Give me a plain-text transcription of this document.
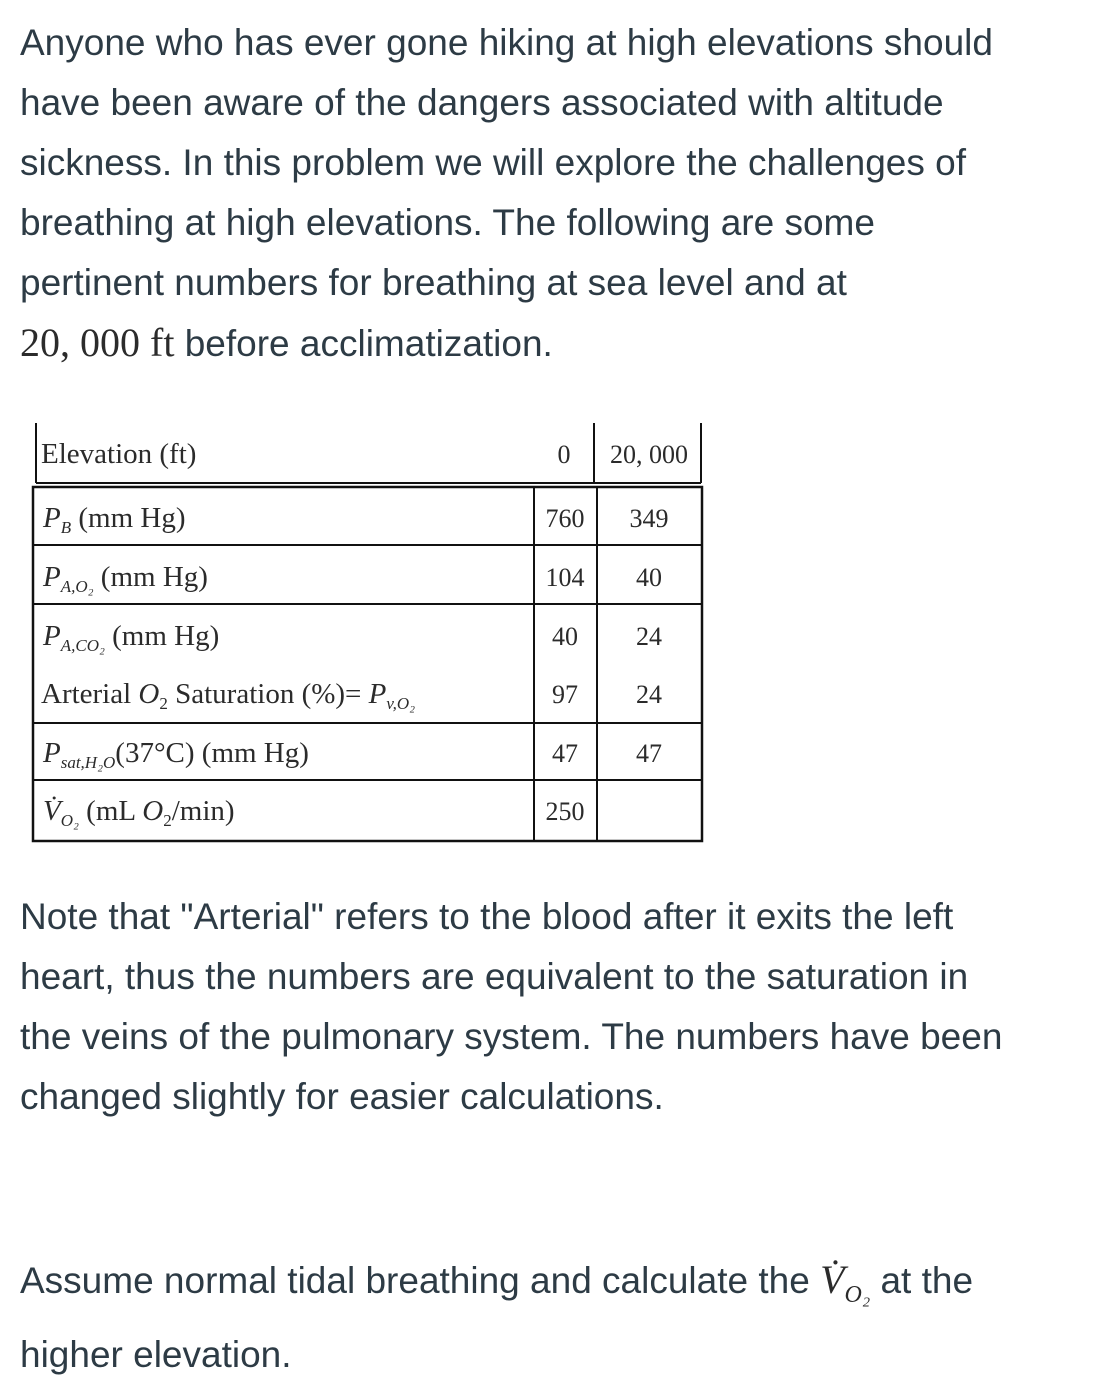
Anyone who has ever gone hiking at high elevations should
have been aware of the dangers associated with altitude
sickness. In this problem we will explore the challenges of
breathing at high elevations. The following are some
pertinent numbers for breathing at sea level and at
20, 000 ft before acclimatization.
Elevation (ft)	0 20, 000
$P_B$ (mm Hg)	760 349
$P_{A,O_2}$ (mm Hg)	104 40
$P_{A,CO_2}$ (mm Hg)	40 24
Arterial $O_2$ Saturation (%)= $P_{v,O_2}$	97 24
$P_{sat,H_2O}(37^\circ C)$ (mm Hg)	47 47
$V̇_{O_2}$ (mL $O_2/\min$)	250
Note that "Arterial" refers to the blood after it exits the left
heart, thus the numbers are equivalent to the saturation in
the veins of the pulmonary system. The numbers have been
changed slightly for easier calculations.
Assume normal tidal breathing and calculate the $V̇_{O_2}$ at the
higher elevation.
